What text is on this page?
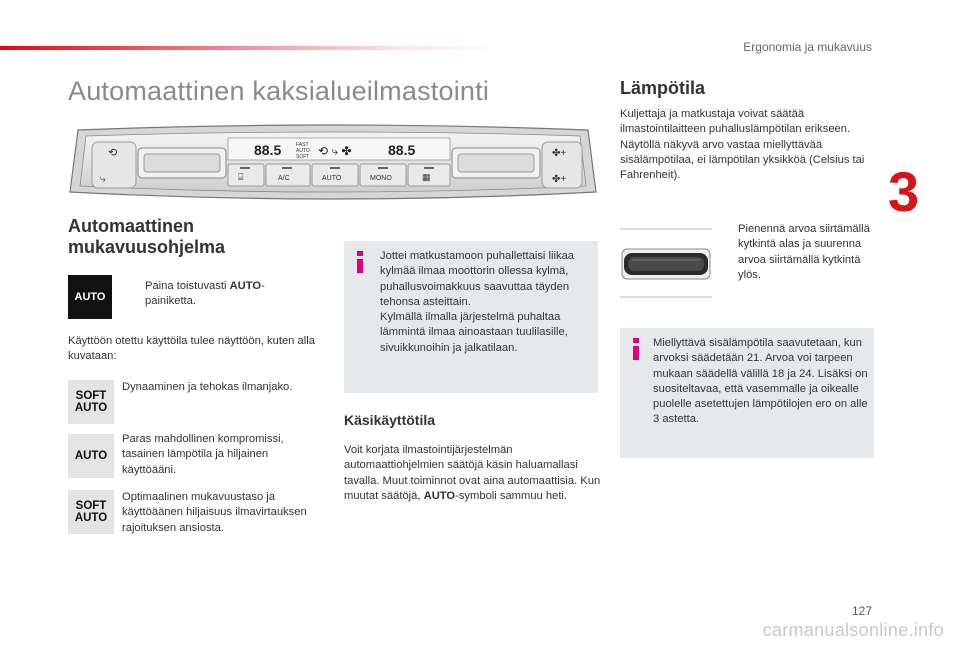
Ergonomia ja mukavuus
3
Automaattinen kaksialueilmastointi
⟲
⤷
88.5	FAST
AUTO
SOFT ⟲ ⤷ ✤	88.5	✤+
✤+
⌸	A/C	AUTO	MONO	▦
Automaattinen mukavuusohjelma
AUTO
Paina toistuvasti AUTO-painiketta.
Käyttöön otettu käyttöila tulee näyttöön, kuten alla kuvataan:
SOFT
AUTO
Dynaaminen ja tehokas ilmanjako.
AUTO
Paras mahdollinen kompromissi, tasainen lämpötila ja hiljainen käyttöääni.
SOFT
AUTO
Optimaalinen mukavuustaso ja käyttöäänen hiljaisuus ilmavirtauksen rajoituksen ansiosta.
Jottei matkustamoon puhallettaisi liikaa kylmää ilmaa moottorin ollessa kylmä, puhallusvoimakkuus saavuttaa täyden tehonsa asteittain.
Kylmällä ilmalla järjestelmä puhaltaa lämmintä ilmaa ainoastaan tuulilasille, sivuikkunoihin ja jalkatilaan.
Käsikäyttötila
Voit korjata ilmastointijärjestelmän automaattiohjelmien säätöjä käsin haluamallasi tavalla. Muut toiminnot ovat aina automaattisia. Kun muutat säätöjä, AUTO-symboli sammuu heti.
Lämpötila
Kuljettaja ja matkustaja voivat säätää ilmastointilaitteen puhalluslämpötilan erikseen. Näytöllä näkyvä arvo vastaa miellyttävää sisälämpötilaa, ei lämpötilan yksikköä (Celsius tai Fahrenheit).
Pienennä arvoa siirtämällä kytkintä alas ja suurenna arvoa siirtämällä kytkintä ylös.
Miellyttävä sisälämpötila saavutetaan, kun arvoksi säädetään 21. Arvoa voi tarpeen mukaan säädellä välillä 18 ja 24. Lisäksi on suositeltavaa, että vasemmalle ja oikealle puolelle asetettujen lämpötilojen ero on alle 3 astetta.
127
carmanualsonline.info
